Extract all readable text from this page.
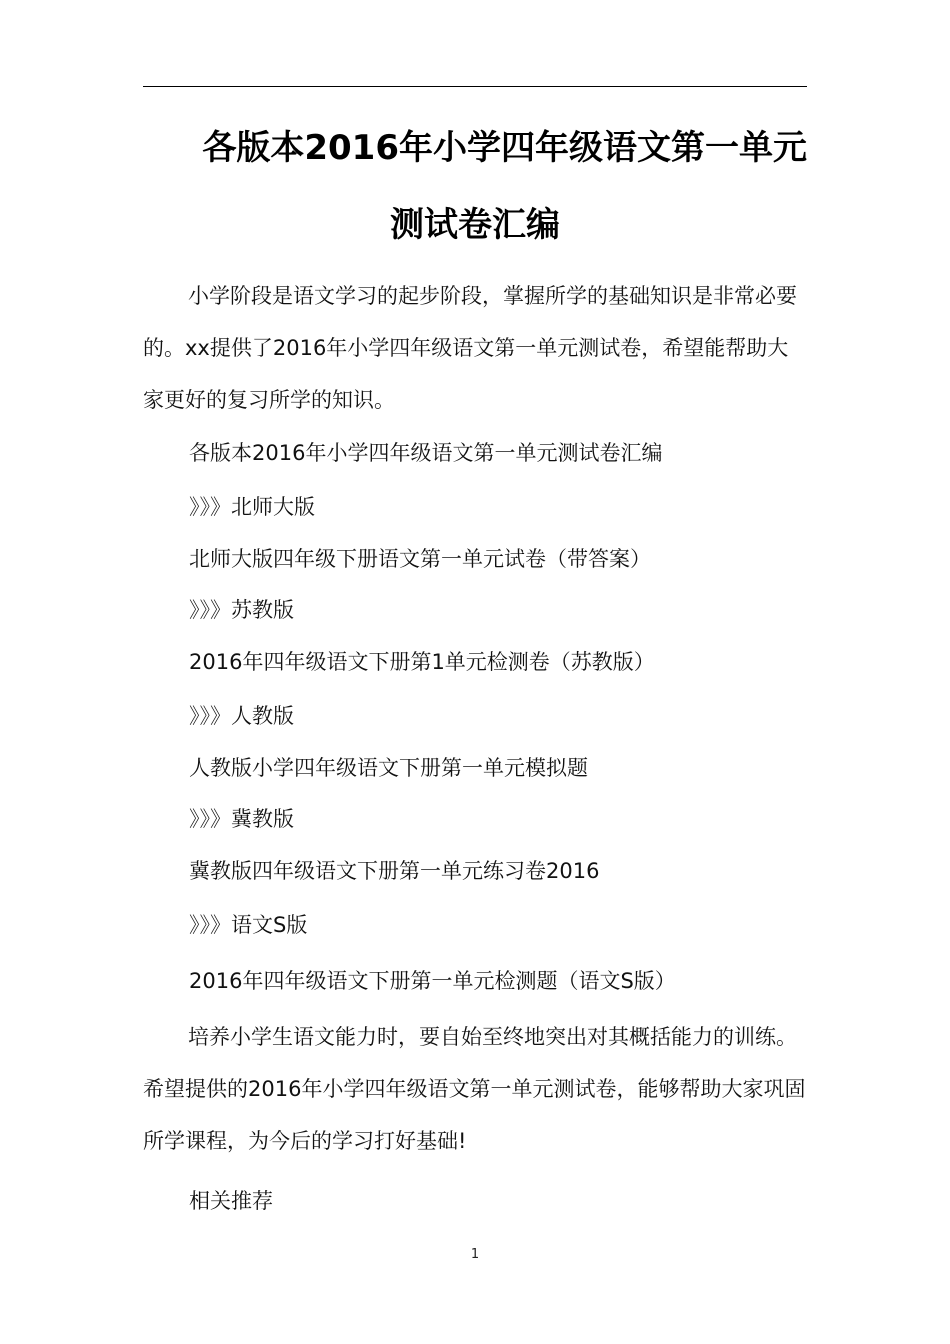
各版本2016年小学四年级语文第一单元
测试卷汇编

小学阶段是语文学习的起步阶段，掌握所学的基础知识是非常必要的。xx提供了2016年小学四年级语文第一单元测试卷，希望能帮助大家更好的复习所学的知识。

各版本2016年小学四年级语文第一单元测试卷汇编

》》》北师大版

北师大版四年级下册语文第一单元试卷（带答案）

》》》苏教版

2016年四年级语文下册第1单元检测卷（苏教版）

》》》人教版

人教版小学四年级语文下册第一单元模拟题

》》》冀教版

冀教版四年级语文下册第一单元练习卷2016

》》》语文S版

2016年四年级语文下册第一单元检测题（语文S版）

培养小学生语文能力时，要自始至终地突出对其概括能力的训练。希望提供的2016年小学四年级语文第一单元测试卷，能够帮助大家巩固所学课程，为今后的学习打好基础!

相关推荐

1
